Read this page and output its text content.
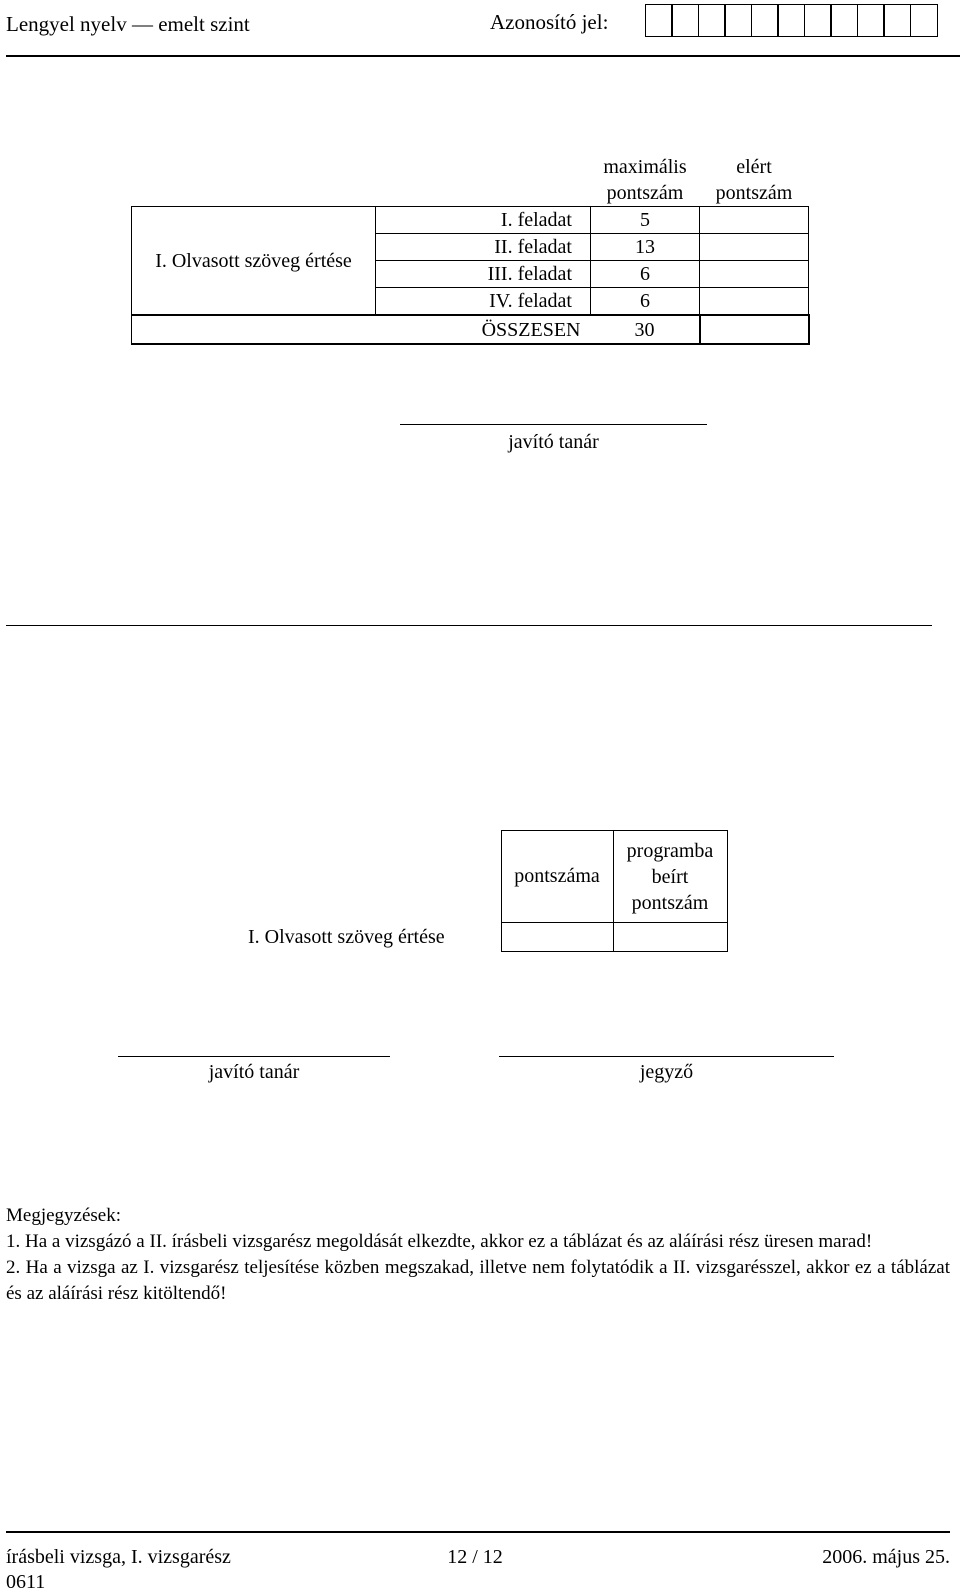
Lengyel nyelv — emelt szint	Azonosító jel:
		maximális pontszám	elért pontszám
I. Olvasott szöveg értése	I. feladat	5	
	II. feladat	13	
	III. feladat	6	
	IV. feladat	6	
	ÖSSZESEN	30	
javító tanár
	pontszáma	programba beírt pontszám
I. Olvasott szöveg értése		
javító tanár	jegyző

Megjegyzések:

1. Ha a vizsgázó a II. írásbeli vizsgarész megoldását elkezdte, akkor ez a táblázat és az aláírási rész üresen marad!

2. Ha a vizsga az I. vizsgarész teljesítése közben megszakad, illetve nem folytatódik a II. vizsgarésszel, akkor ez a táblázat és az aláírási rész kitöltendő!

írásbeli vizsga, I. vizsgarész	12 / 12	2006. május 25.
0611
